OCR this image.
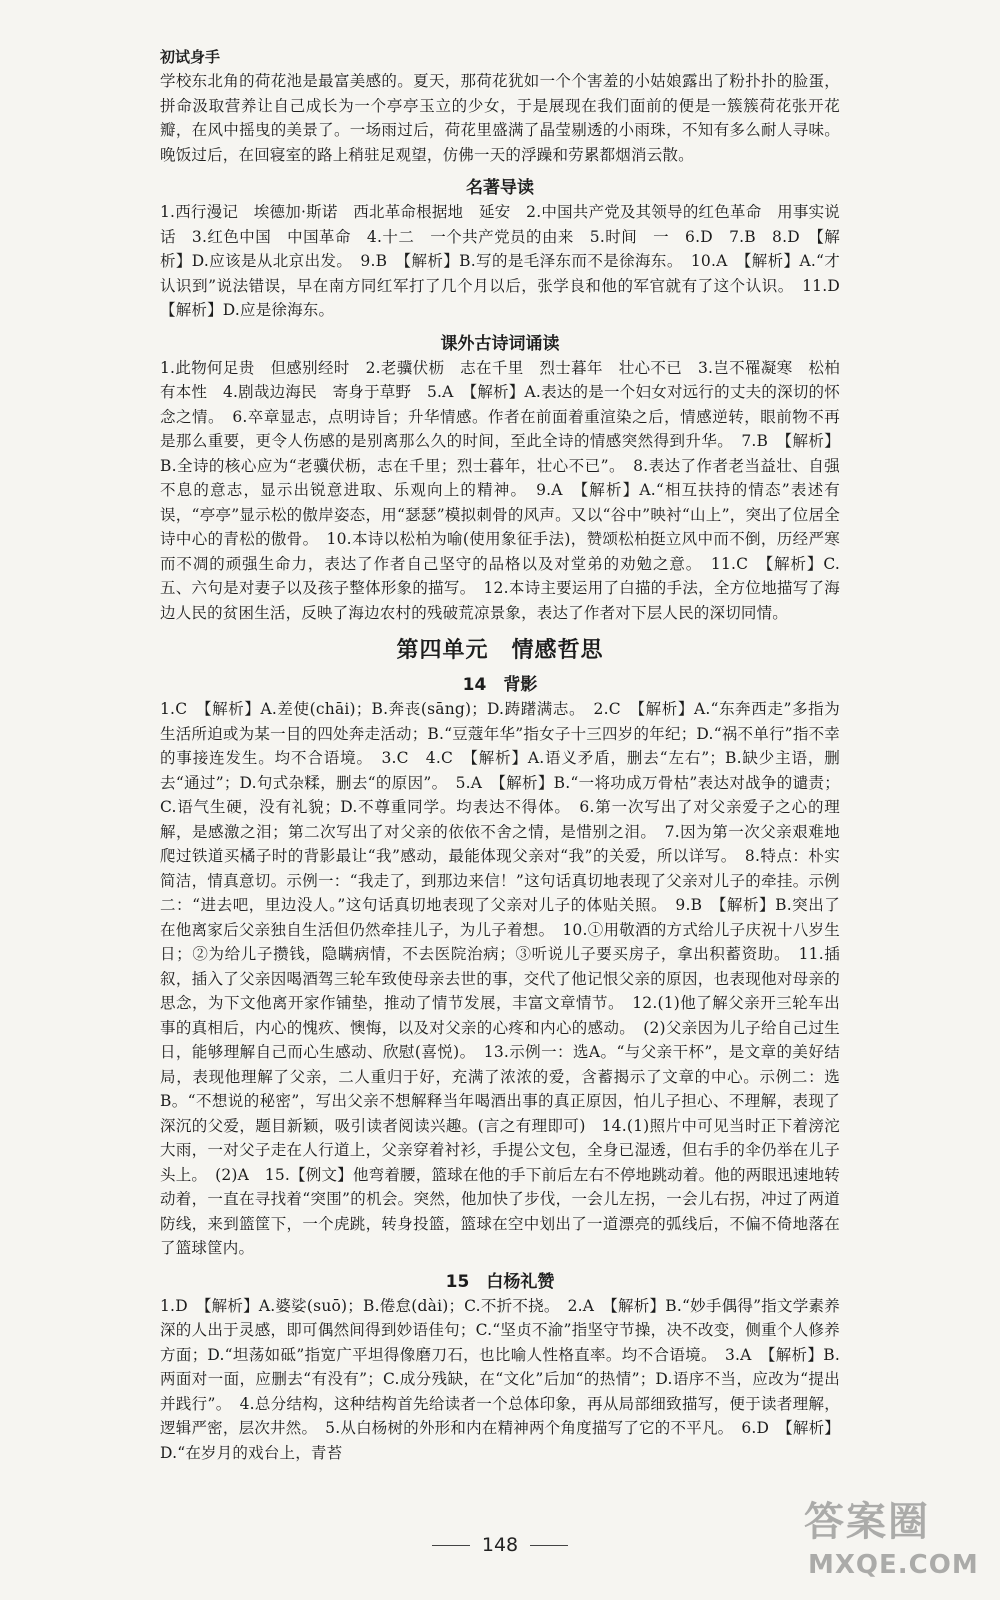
初试身手

学校东北角的荷花池是最富美感的。夏天，那荷花犹如一个个害羞的小姑娘露出了粉扑扑的脸蛋，拼命汲取营养让自己成长为一个亭亭玉立的少女，于是展现在我们面前的便是一簇簇荷花张开花瓣，在风中摇曳的美景了。一场雨过后，荷花里盛满了晶莹剔透的小雨珠，不知有多么耐人寻味。晚饭过后，在回寝室的路上稍驻足观望，仿佛一天的浮躁和劳累都烟消云散。

名著导读

1.西行漫记　埃德加·斯诺　西北革命根据地　延安　2.中国共产党及其领导的红色革命　用事实说话　3.红色中国　中国革命　4.十二　一个共产党员的由来　5.时间　一　6.D　7.B　8.D　【解析】D.应该是从北京出发。　9.B　【解析】B.写的是毛泽东而不是徐海东。　10.A　【解析】A.“才认识到”说法错误，早在南方同红军打了几个月以后，张学良和他的军官就有了这个认识。　11.D　【解析】D.应是徐海东。

课外古诗词诵读

1.此物何足贵　但感别经时　2.老骥伏枥　志在千里　烈士暮年　壮心不已　3.岂不罹凝寒　松柏有本性　4.剧哉边海民　寄身于草野　5.A　【解析】A.表达的是一个妇女对远行的丈夫的深切的怀念之情。　6.卒章显志，点明诗旨；升华情感。作者在前面着重渲染之后，情感逆转，眼前物不再是那么重要，更令人伤感的是别离那么久的时间，至此全诗的情感突然得到升华。　7.B　【解析】B.全诗的核心应为“老骥伏枥，志在千里；烈士暮年，壮心不已”。　8.表达了作者老当益壮、自强不息的意志，显示出锐意进取、乐观向上的精神。　9.A　【解析】A.“相互扶持的情态”表述有误，“亭亭”显示松的傲岸姿态，用“瑟瑟”模拟刺骨的风声。又以“谷中”映衬“山上”，突出了位居全诗中心的青松的傲骨。　10.本诗以松柏为喻(使用象征手法)，赞颂松柏挺立风中而不倒，历经严寒而不凋的顽强生命力，表达了作者自己坚守的品格以及对堂弟的劝勉之意。　11.C　【解析】C.五、六句是对妻子以及孩子整体形象的描写。　12.本诗主要运用了白描的手法，全方位地描写了海边人民的贫困生活，反映了海边农村的残破荒凉景象，表达了作者对下层人民的深切同情。

第四单元　情感哲思
14　背影

1.C　【解析】A.差使(chāi)；B.奔丧(sāng)；D.踌躇满志。　2.C　【解析】A.“东奔西走”多指为生活所迫或为某一目的四处奔走活动；B.“豆蔻年华”指女子十三四岁的年纪；D.“祸不单行”指不幸的事接连发生。均不合语境。　3.C　4.C　【解析】A.语义矛盾，删去“左右”；B.缺少主语，删去“通过”；D.句式杂糅，删去“的原因”。　5.A　【解析】B.“一将功成万骨枯”表达对战争的谴责；C.语气生硬，没有礼貌；D.不尊重同学。均表达不得体。　6.第一次写出了对父亲爱子之心的理解，是感激之泪；第二次写出了对父亲的依依不舍之情，是惜别之泪。　7.因为第一次父亲艰难地爬过铁道买橘子时的背影最让“我”感动，最能体现父亲对“我”的关爱，所以详写。　8.特点：朴实简洁，情真意切。示例一：“我走了，到那边来信！”这句话真切地表现了父亲对儿子的牵挂。示例二：“进去吧，里边没人。”这句话真切地表现了父亲对儿子的体贴关照。　9.B　【解析】B.突出了在他离家后父亲独自生活但仍然牵挂儿子，为儿子着想。　10.①用敬酒的方式给儿子庆祝十八岁生日；②为给儿子攒钱，隐瞒病情，不去医院治病；③听说儿子要买房子，拿出积蓄资助。　11.插叙，插入了父亲因喝酒驾三轮车致使母亲去世的事，交代了他记恨父亲的原因，也表现他对母亲的思念，为下文他离开家作铺垫，推动了情节发展，丰富文章情节。　12.(1)他了解父亲开三轮车出事的真相后，内心的愧疚、懊悔，以及对父亲的心疼和内心的感动。　(2)父亲因为儿子给自己过生日，能够理解自己而心生感动、欣慰(喜悦)。　13.示例一：选A。“与父亲干杯”，是文章的美好结局，表现他理解了父亲，二人重归于好，充满了浓浓的爱，含蓄揭示了文章的中心。示例二：选B。“不想说的秘密”，写出父亲不想解释当年喝酒出事的真正原因，怕儿子担心、不理解，表现了深沉的父爱，题目新颖，吸引读者阅读兴趣。(言之有理即可)　14.(1)照片中可见当时正下着滂沱大雨，一对父子走在人行道上，父亲穿着衬衫，手提公文包，全身已湿透，但右手的伞仍举在儿子头上。　(2)A　15.【例文】他弯着腰，篮球在他的手下前后左右不停地跳动着。他的两眼迅速地转动着，一直在寻找着“突围”的机会。突然，他加快了步伐，一会儿左拐，一会儿右拐，冲过了两道防线，来到篮筐下，一个虎跳，转身投篮，篮球在空中划出了一道漂亮的弧线后，不偏不倚地落在了篮球筐内。

15　白杨礼赞

1.D　【解析】A.婆娑(suō)；B.倦怠(dài)；C.不折不挠。　2.A　【解析】B.“妙手偶得”指文学素养深的人出于灵感，即可偶然间得到妙语佳句；C.“坚贞不渝”指坚守节操，决不改变，侧重个人修养方面；D.“坦荡如砥”指宽广平坦得像磨刀石，也比喻人性格直率。均不合语境。　3.A　【解析】B.两面对一面，应删去“有没有”；C.成分残缺，在“文化”后加“的热情”；D.语序不当，应改为“提出并践行”。　4.总分结构，这种结构首先给读者一个总体印象，再从局部细致描写，便于读者理解，逻辑严密，层次井然。　5.从白杨树的外形和内在精神两个角度描写了它的不平凡。　6.D　【解析】D.“在岁月的戏台上，青苔

148	答案圈
MXQE.COM
